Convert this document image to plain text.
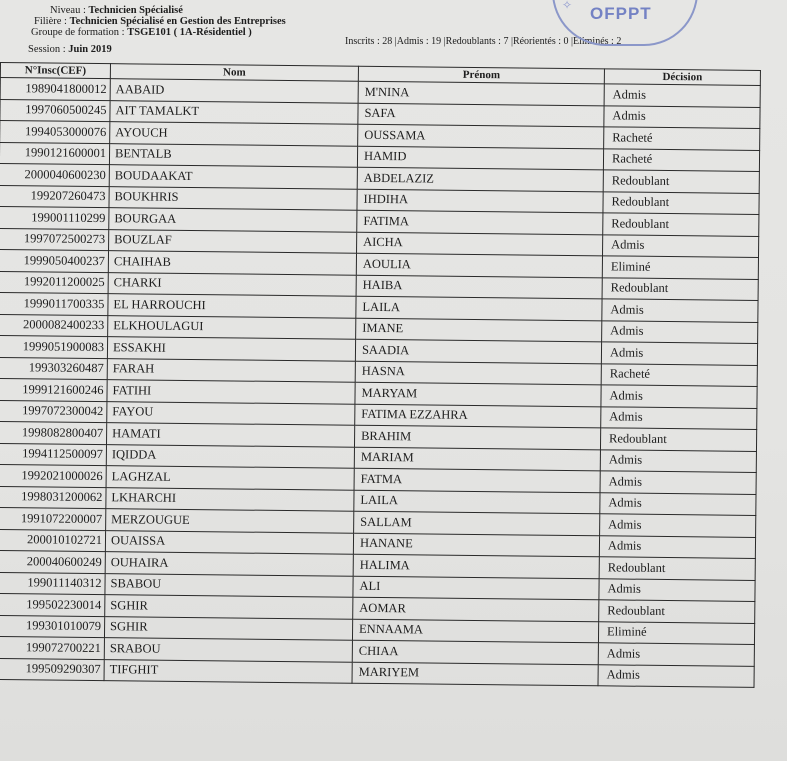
Niveau : Technicien Spécialisé
Filière : Technicien Spécialisé en Gestion des Entreprises
Groupe de formation : TSGE101 ( 1A-Résidentiel )
Session : Juin 2019
Inscrits : 28 |Admis : 19 |Redoublants : 7 |Réorientés : 0 |Eliminés : 2
✧ OFPPT
N°Insc(CEF)	Nom	Prénom	Décision
1989041800012	AABAID	M'NINA	Admis
1997060500245	AIT TAMALKT	SAFA	Admis
1994053000076	AYOUCH	OUSSAMA	Racheté
1990121600001	BENTALB	HAMID	Racheté
2000040600230	BOUDAAKAT	ABDELAZIZ	Redoublant
199207260473	BOUKHRIS	IHDIHA	Redoublant
199001110299	BOURGAA	FATIMA	Redoublant
1997072500273	BOUZLAF	AICHA	Admis
1999050400237	CHAIHAB	AOULIA	Eliminé
1992011200025	CHARKI	HAIBA	Redoublant
1999011700335	EL HARROUCHI	LAILA	Admis
2000082400233	ELKHOULAGUI	IMANE	Admis
1999051900083	ESSAKHI	SAADIA	Admis
199303260487	FARAH	HASNA	Racheté
1999121600246	FATIHI	MARYAM	Admis
1997072300042	FAYOU	FATIMA EZZAHRA	Admis
1998082800407	HAMATI	BRAHIM	Redoublant
1994112500097	IQIDDA	MARIAM	Admis
1992021000026	LAGHZAL	FATMA	Admis
1998031200062	LKHARCHI	LAILA	Admis
1991072200007	MERZOUGUE	SALLAM	Admis
200010102721	OUAISSA	HANANE	Admis
200040600249	OUHAIRA	HALIMA	Redoublant
199011140312	SBABOU	ALI	Admis
199502230014	SGHIR	AOMAR	Redoublant
199301010079	SGHIR	ENNAAMA	Eliminé
199072700221	SRABOU	CHIAA	Admis
199509290307	TIFGHIT	MARIYEM	Admis
